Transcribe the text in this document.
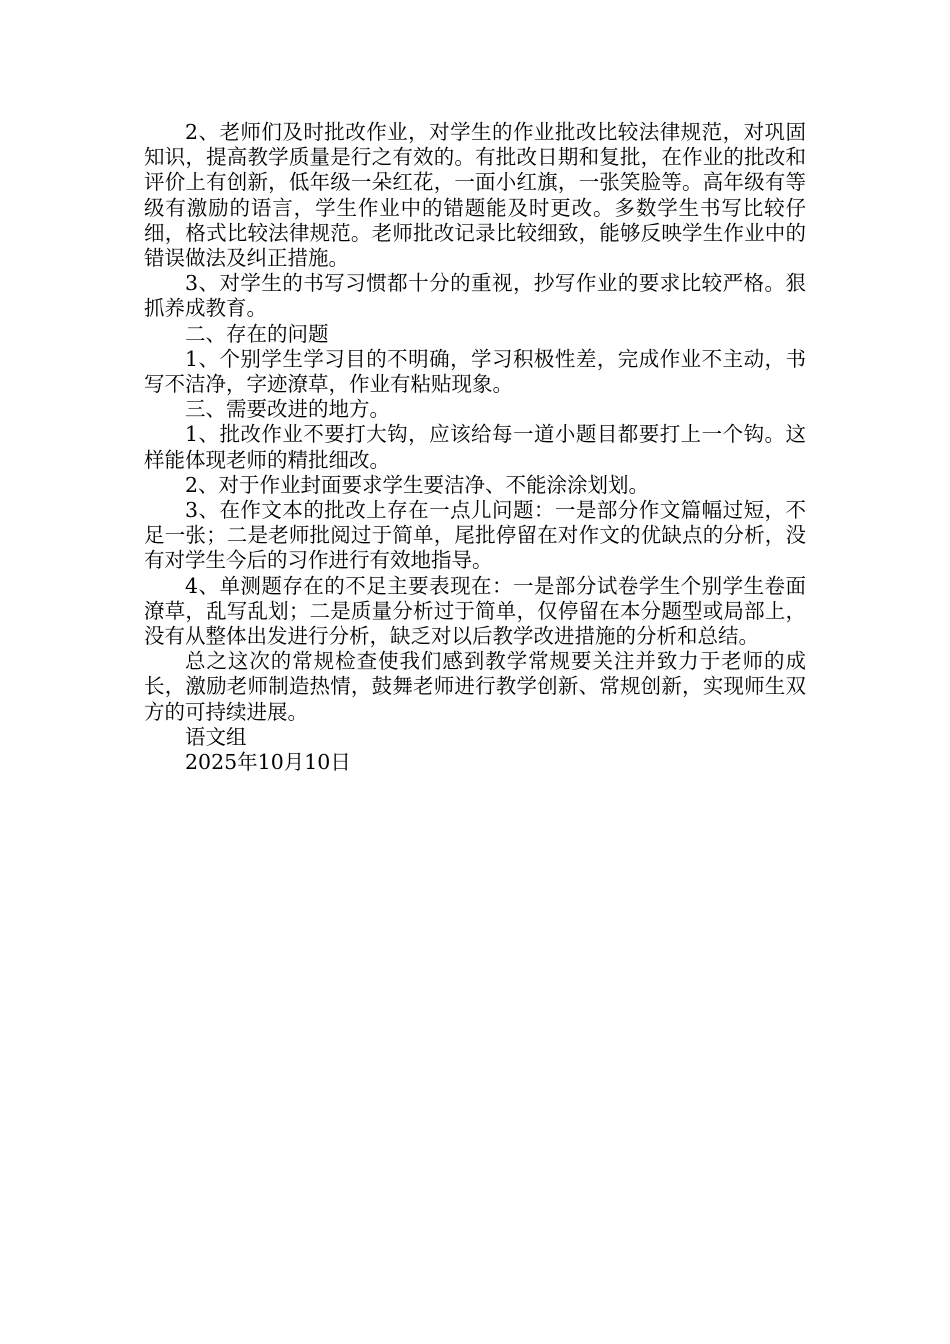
2、老师们及时批改作业，对学生的作业批改比较法律规范，对巩固知识，提高教学质量是行之有效的。有批改日期和复批，在作业的批改和评价上有创新，低年级一朵红花，一面小红旗，一张笑脸等。高年级有等级有激励的语言，学生作业中的错题能及时更改。多数学生书写比较仔细，格式比较法律规范。老师批改记录比较细致，能够反映学生作业中的错误做法及纠正措施。

3、对学生的书写习惯都十分的重视，抄写作业的要求比较严格。狠抓养成教育。

二、存在的问题

1、个别学生学习目的不明确，学习积极性差，完成作业不主动，书写不洁净，字迹潦草，作业有粘贴现象。

三、需要改进的地方。

1、批改作业不要打大钩，应该给每一道小题目都要打上一个钩。这样能体现老师的精批细改。

2、对于作业封面要求学生要洁净、不能涂涂划划。

3、在作文本的批改上存在一点儿问题：一是部分作文篇幅过短，不足一张；二是老师批阅过于简单，尾批停留在对作文的优缺点的分析，没有对学生今后的习作进行有效地指导。

4、单测题存在的不足主要表现在：一是部分试卷学生个别学生卷面潦草，乱写乱划；二是质量分析过于简单，仅停留在本分题型或局部上，没有从整体出发进行分析，缺乏对以后教学改进措施的分析和总结。

总之这次的常规检查使我们感到教学常规要关注并致力于老师的成长，激励老师制造热情，鼓舞老师进行教学创新、常规创新，实现师生双方的可持续进展。

语文组

2025年10月10日
